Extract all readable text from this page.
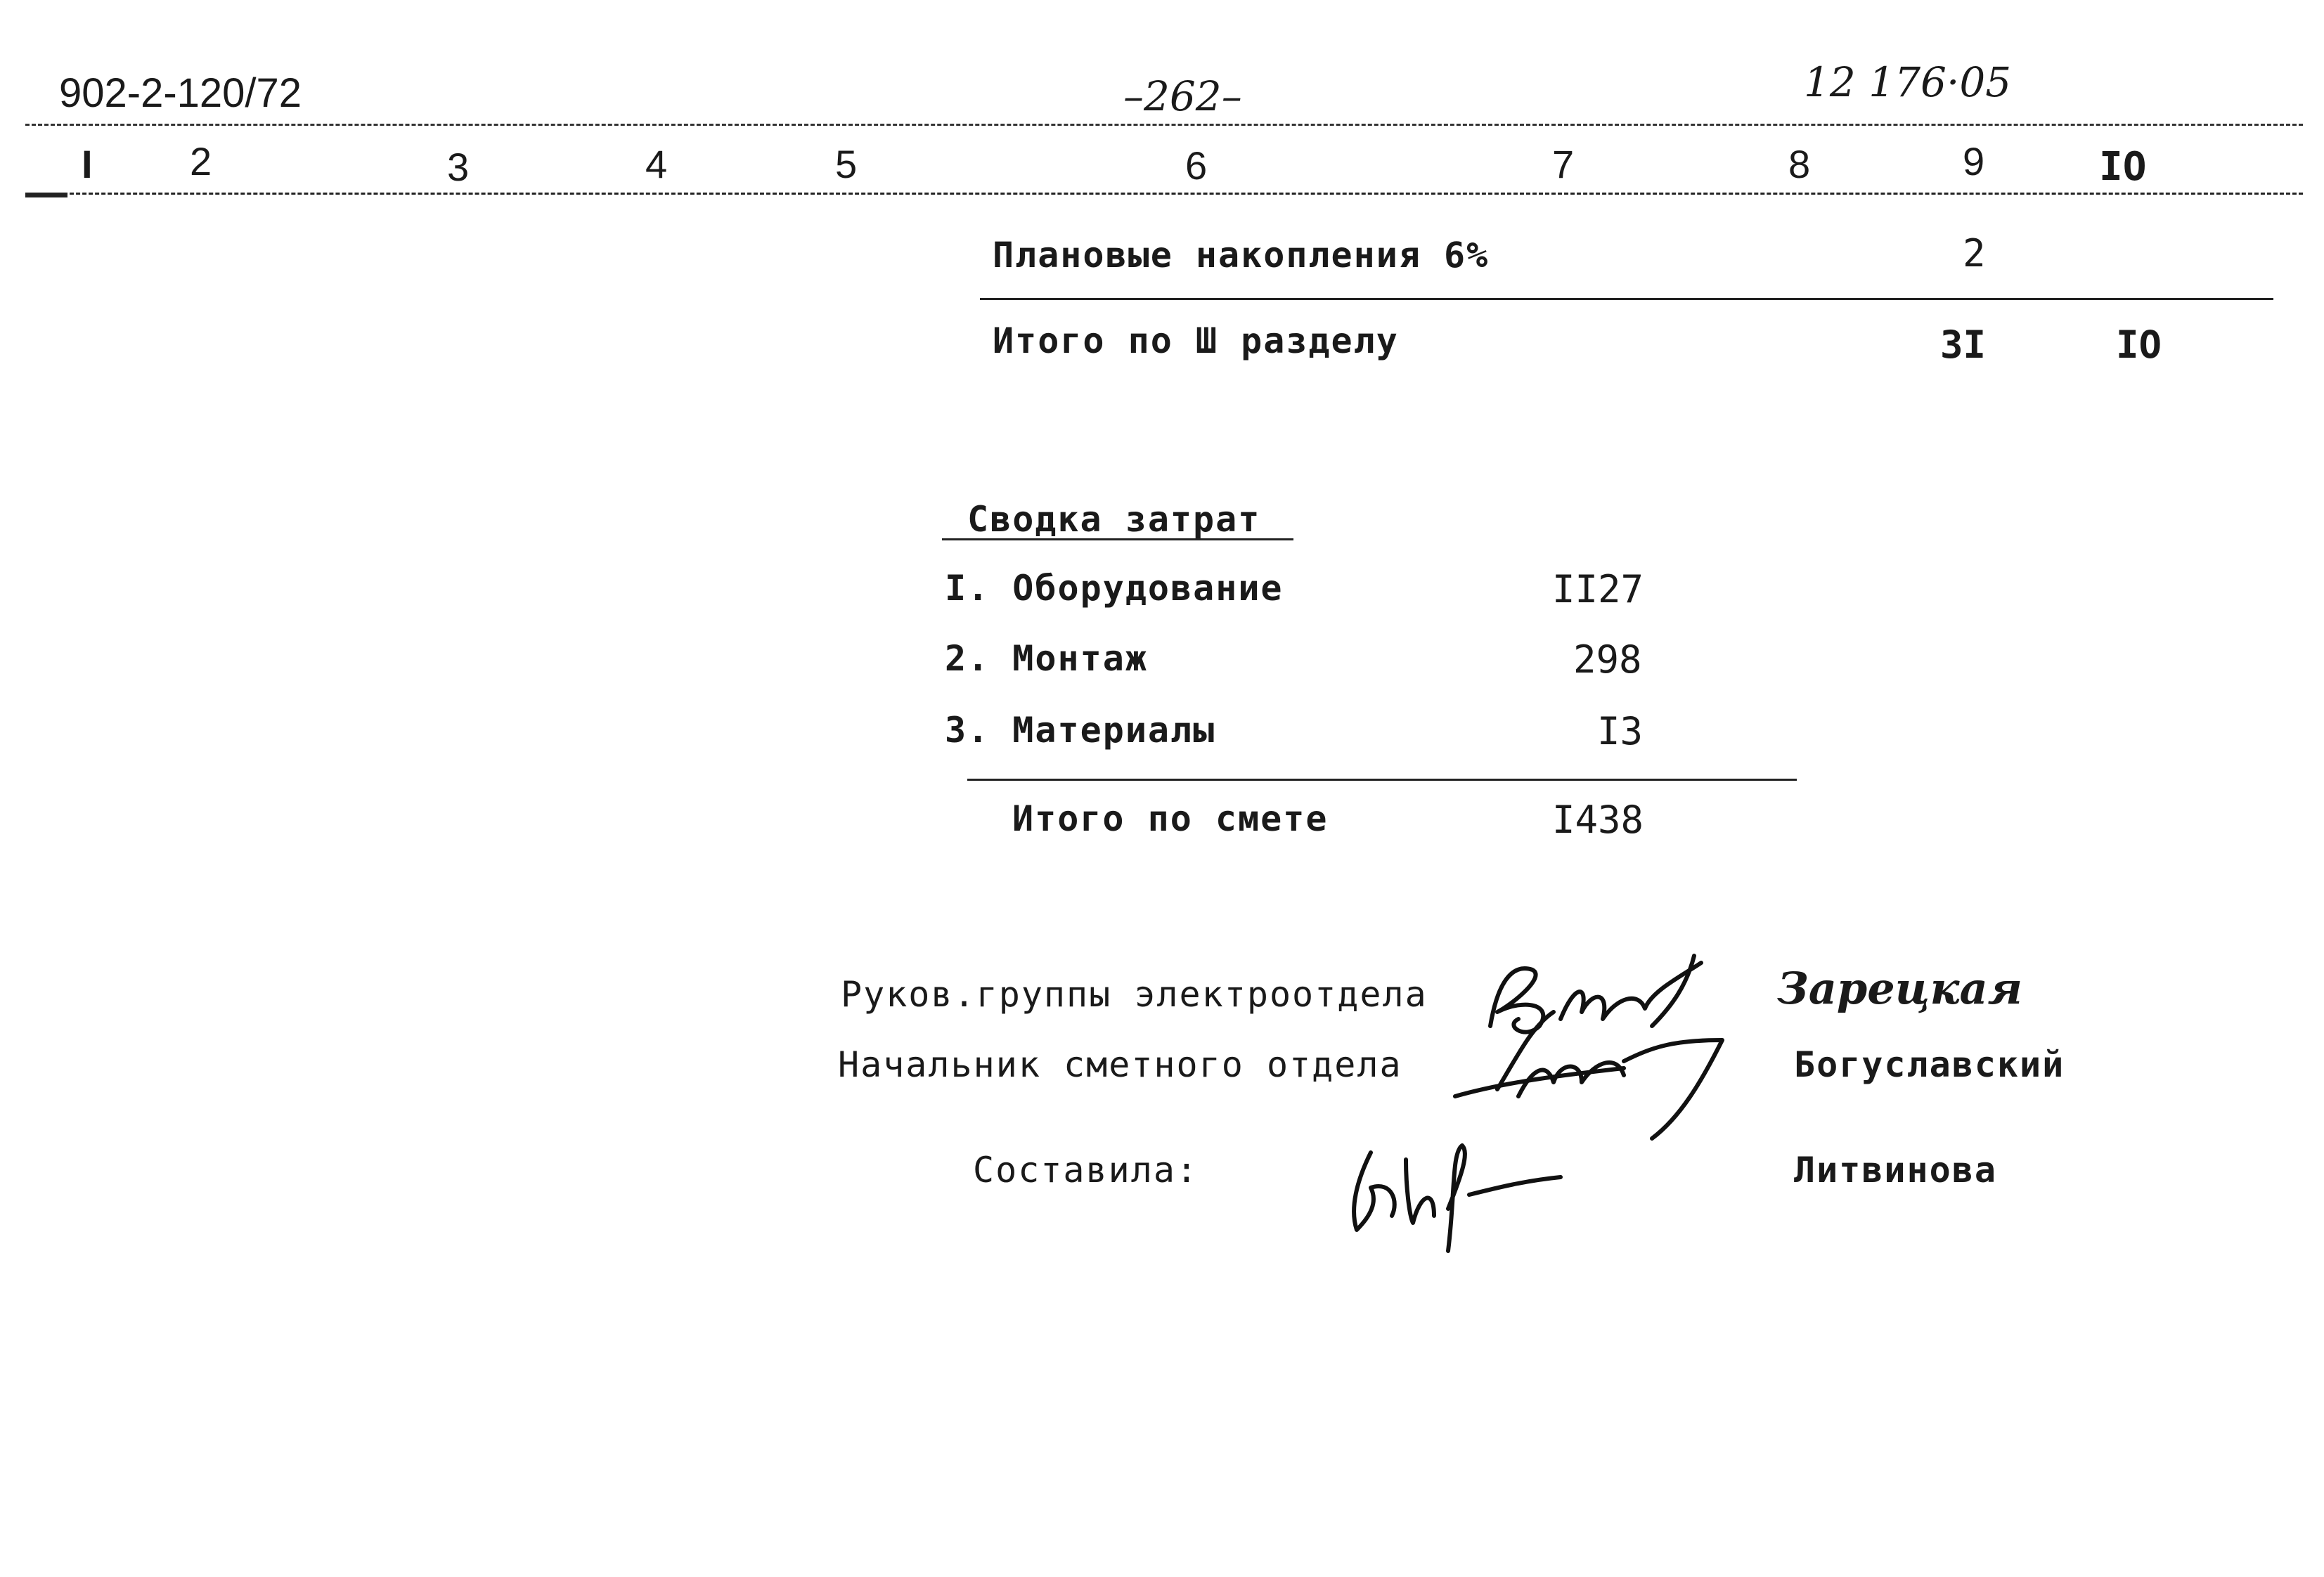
902-2-120/72	–262–	12 176·05
I 2	3	4	5	6	7	8	9	IO
Плановые накопления 6%	2
Итого по Ш разделу	3I	IO
Сводка затрат
I. Оборудование	II27
2. Монтаж	298
3. Материалы	I3
Итого по смете	I438
Руков.группы электроотдела	Зарецкая
Начальник сметного отдела	Богуславский
Составила:	Литвинова
